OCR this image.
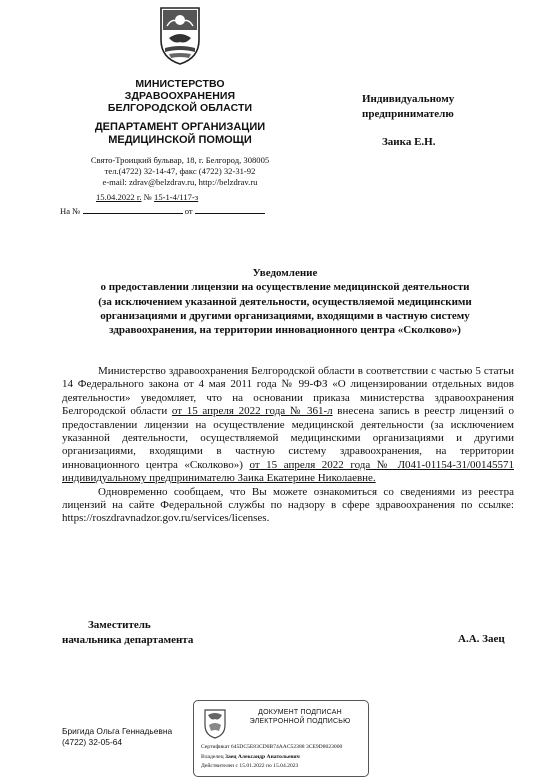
МИНИСТЕРСТВО
ЗДРАВООХРАНЕНИЯ
БЕЛГОРОДСКОЙ ОБЛАСТИ
ДЕПАРТАМЕНТ ОРГАНИЗАЦИИ
МЕДИЦИНСКОЙ ПОМОЩИ
Свято-Троицкий бульвар, 18, г. Белгород, 308005
тел.(4722) 32-14-47, факс (4722) 32-31-92
e-mail: zdrav@belzdrav.ru, http://belzdrav.ru
15.04.2022 г. № 15-1-4/117-з
На №	от
Индивидуальному
предпринимателю
Заика Е.Н.
Уведомление
о предоставлении лицензии на осуществление медицинской деятельности
(за исключением указанной деятельности, осуществляемой медицинскими
организациями и другими организациями, входящими в частную систему
здравоохранения, на территории инновационного центра «Сколково»)

Министерство здравоохранения Белгородской области в соответствии с частью 5 статьи 14 Федерального закона от 4 мая 2011 года № 99-ФЗ «О лицензировании отдельных видов деятельности» уведомляет, что на основании приказа министерства здравоохранения Белгородской области от 15 апреля 2022 года № 361-л внесена запись в реестр лицензий о предоставлении лицензии на осуществление медицинской деятельности (за исключением указанной деятельности, осуществляемой медицинскими организациями и другими организациями, входящими в частную систему здравоохранения, на территории инновационного центра «Сколково») от 15 апреля 2022 года № Л041-01154-31/00145571 индивидуальному предпринимателю Заика Екатерине Николаевне.

Одновременно сообщаем, что Вы можете ознакомиться со сведениями из реестра лицензий на сайте Федеральной службы по надзору в сфере здравоохранения по ссылке: https://roszdravnadzor.gov.ru/services/licenses.

Заместитель
начальника департамента	А.А. Заец
Бригида Ольга Геннадьевна
(4722) 32-05-64
ДОКУМЕНТ ПОДПИСАН
ЭЛЕКТРОННОЙ ПОДПИСЬЮ
Сертификат 645DC5E83CD0B74AAC52388 3CE9D8023000
Владелец Заец Александр Анатольевич
Действителен с 15.01.2022 по 15.04.2023
